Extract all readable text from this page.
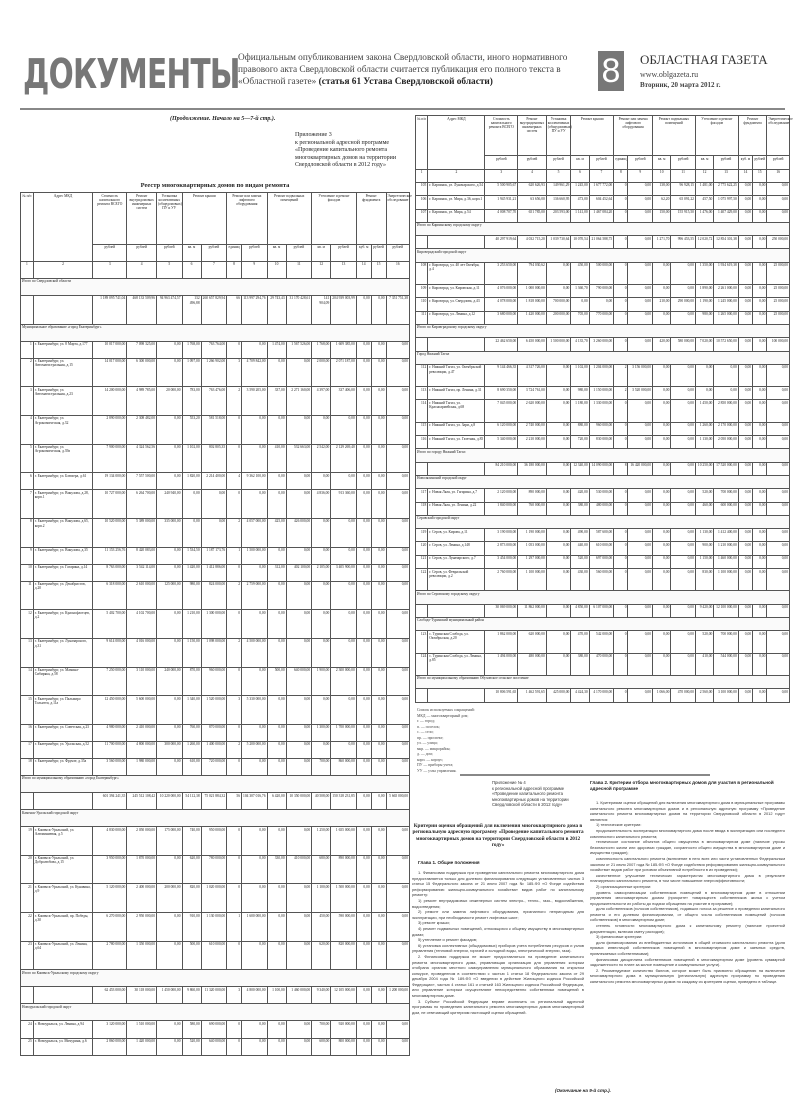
ДОКУМЕНТЫ
Официальным опубликованием закона Свердловской области, иного нормативного правового акта Свердловской области считается публикация его полного текста в «Областной газете» (статья 61 Устава Свердловской области)	8 ОБЛАСТНАЯ ГАЗЕТА
www.oblgazeta.ru
Вторник, 20 марта 2012 г.
(Продолжение. Начало на 5—7-й стр.).
Приложение 3
к региональной адресной программе «Проведение капитального ремонта многоквартирных домов на территории Свердловской области в 2012 году»
Реестр многоквартирных домов по видам ремонта
№ п/п	Адрес МКД	Стоимость капитального ремонта ВСЕГО	Ремонт внутридомовых инженерных систем	Установка коллективных (общедомовых) ПУ и УУ	Ремонт крыши		Ремонт или замена лифтового оборудования		Ремонт подвальных помещений		Утепление и ремонт фасадов		Ремонт фундамента		Энергетическое обследование
		рублей	рублей	рублей	кв. м	рублей	единиц	рублей	кв. м	рублей	кв. м	рублей	куб. м	рублей	рублей
1	2	3	4	5	6	7	8	9	10	11	12	13	14	15	16
Итого по Свердловской области															
		1 189 095 741,04	468 133 509,96	94 963 474,57	132 496,88	260 657 829,94	66	113 997 294,76	29 743,43	31 170 428,61	141 904,09	204 939 003,99	0,00	0,00	7 351 751,38
Муниципальное образование «город Екатеринбург»															
1	г. Екатеринбург, ул. 8 Марта, д.177	10 017 000,00	7 098 325,00	0,00	1 768,00	763 764,00	0	0,00	1 474,00	1 567 526,00	1 768,00	1 609 385,00	0,00	0,00	0,00
2	г. Екатеринбург, ул. Автомагистральная, д.15	14 017 000,00	6 300 000,00	0,00	1 097,00	1 266 902,00	3	4 709 842,00	0,00	0,00	2 000,00	2 071 187,00	0,00	0,00	0,00
3	г. Екатеринбург, ул. Автомагистральная, д.23	14 200 000,00	4 989 785,00	20 000,00	783,00	763 476,00	2	3 590 205,00	337,00	2 271 160,00	4 397,00	337 406,00	0,00	0,00	0,00
4	г. Екатеринбург, ул. Агрономическая, д.32	2 890 000,00	2 308 482,00	0,00	553,20	581 518,00	0	0,00	0,00	0,00	0,00	0,00	0,00	0,00	0,00
5	г. Екатеринбург, ул. Агрономическая, д.39а	7 900 000,00	4 324 562,56	0,00	1 102,00	802 805,35	0	0,00	410,00	532 663,00	2 542,00	2 129 269,40	0,00	0,00	0,00
6	г. Екатеринбург, ул. Блюхера, д.61	19 134 000,00	7 557 500,00	0,00	1 820,00	2 214 400,00	4	9 362 100,00	0,00	0,00	0,00	0,00	0,00	0,00	0,00
7	г. Екатеринбург, ул. Викулова, д.28, корп.1	10 727 000,00	6 264 700,00	240 940,00	0,00	0,00	0	0,00	0,00	0,00	4 836,00	913 360,00	0,00	0,00	0,00
8	г. Екатеринбург, ул. Викулова, д.65, корп.2	10 520 000,00	5 389 000,00	335 000,00	0,00	0,00	2	4 057 000,00	425,00	426 000,00	0,00	0,00	0,00	0,00	0,00
9	г. Екатеринбург, ул. Викулова, д.35	11 153 256,76	8 420 083,00	0,00	1 534,50	1 187 173,76	1	1 500 000,00	0,00	0,00	0,00	0,00	0,00	0,00	0,00
10	г. Екатеринбург, ул. Гагарина, д.14	8 763 000,00	3 542 114,00	0,00	1 420,00	1 412 886,00	0	0,00	312,00	402 100,00	2 105,00	3 405 900,00	0,00	0,00	0,00
11	г. Екатеринбург, ул. Декабристов, д.20	6 318 000,00	2 610 000,00	125 000,00	980,00	824 000,00	2	2 759 000,00	0,00	0,00	0,00	0,00	0,00	0,00	0,00
12	г. Екатеринбург, ул. Краснофлотцев, д.2	5 402 700,00	4 102 700,00	0,00	1 210,00	1 300 000,00	0	0,00	0,00	0,00	0,00	0,00	0,00	0,00	0,00
13	г. Екатеринбург, ул. Луначарского, д.31	9 614 000,00	4 016 000,00	0,00	1 150,00	1 098 000,00	2	4 500 000,00	0,00	0,00	0,00	0,00	0,00	0,00	0,00
14	г. Екатеринбург, ул. Мамина-Сибиряка, д.58	7 250 000,00	3 110 000,00	240 000,00	870,00	960 000,00	0	0,00	500,00	640 000,00	1 900,00	2 300 000,00	0,00	0,00	0,00
15	г. Екатеринбург, ул. Пальмиро Тольятти, д.11а	12 450 000,00	5 600 000,00	0,00	1 340,00	1 520 000,00	3	5 330 000,00	0,00	0,00	0,00	0,00	0,00	0,00	0,00
16	г. Екатеринбург, ул. Советская, д.23	4 980 000,00	2 410 000,00	0,00	760,00	870 000,00	0	0,00	0,00	0,00	1 300,00	1 700 000,00	0,00	0,00	0,00
17	г. Екатеринбург, ул. Уральская, д.52	11 700 000,00	4 800 000,00	300 000,00	1 260,00	1 400 000,00	2	5 200 000,00	0,00	0,00	0,00	0,00	0,00	0,00	0,00
18	г. Екатеринбург, ул. Фрунзе, д.35а	3 560 000,00	1 980 000,00	0,00	610,00	720 000,00	0	0,00	0,00	0,00	700,00	860 000,00	0,00	0,00	0,00
Итого по муниципальному образованию «город Екатеринбург»															
		601 394 241,35	245 512 108,42	10 220 000,00	54 112,38	75 021 884,32	56	104 307 016,76	6 420,00	10 350 000,00	40 508,00	150 318 231,85	0,00	0,00	5 665 000,00
Каменск-Уральский городской округ															
19	г. Каменск-Уральский, ул. Алюминиевая, д.5	4 830 000,00	2 050 000,00	175 000,00	740,00	950 000,00	0	0,00	0,00	0,00	1 250,00	1 655 000,00	0,00	0,00	0,00
20	г. Каменск-Уральский, ул. Добролюбова, д.15	3 950 000,00	1 870 000,00	0,00	620,00	780 000,00	0	0,00	330,00	410 000,00	680,00	890 000,00	0,00	0,00	0,00
21	г. Каменск-Уральский, ул. Кунавина, д.9	5 120 000,00	2 400 000,00	200 000,00	820,00	1 020 000,00	0	0,00	0,00	0,00	1 100,00	1 500 000,00	0,00	0,00	0,00
22	г. Каменск-Уральский, пр. Победы, д.30	6 270 000,00	2 950 000,00	0,00	910,00	1 130 000,00	1	1 600 000,00	0,00	0,00	450,00	590 000,00	0,00	0,00	0,00
23	г. Каменск-Уральский, ул. Ленина, д.64	2 780 000,00	1 350 000,00	0,00	500,00	610 000,00	0	0,00	0,00	0,00	620,00	820 000,00	0,00	0,00	0,00
Итого по Каменск-Уральскому городскому округу															
		62 453 000,00	30 118 000,00	1 450 000,00	9 860,00	11 320 000,00	3	4 800 000,00	1 100,00	1 460 000,00	9 340,00	12 105 000,00	0,00	0,00	1 200 000,00
Новоуральский городской округ															
24	г. Новоуральск, ул. Ленина, д.94	3 120 000,00	1 510 000,00	0,00	580,00	690 000,00	0	0,00	0,00	0,00	700,00	920 000,00	0,00	0,00	0,00
25	г. Новоуральск, ул. Мичурина, д.6	2 860 000,00	1 420 000,00	0,00	520,00	640 000,00	0	0,00	0,00	0,00	600,00	800 000,00	0,00	0,00	0,00
№ п/п	Адрес МКД	Стоимость капитального ремонта ВСЕГО	Ремонт внутридомовых инженерных систем	Установка коллективных (общедомовых) ПУ и УУ	Ремонт крыши		Ремонт или замена лифтового оборудования		Ремонт подвальных помещений		Утепление и ремонт фасадов		Ремонт фундамента		Энергетическое обследование
		рублей	рублей	рублей	кв. м	рублей	единиц	рублей	кв. м	рублей	кв. м	рублей	куб. м	рублей	рублей
1	2	3	4	5	6	7	8	9	10	11	12	13	14	15	16
105	г. Карпинск, ул. Луначарского, д.54	5 500 905,67	620 626,93	149 961,29	1 245,00	1 677 772,00	0	0,00	138,00	96 928,15	1 481,00	2 775 622,25	0,00	0,00	0,00
106	г. Карпинск, ул. Мира, д.36, корп.1	1 945 931,21	63 656,00	136 660,95	473,00	604 452,64	0	0,00	62,20	65 091,22	457,50	1 075 997,50	0,00	0,00	0,00
107	г. Карпинск, ул. Мира, д.54	4 008 707,70	651 785,00	203 593,00	1 141,00	1 467 084,20	0	0,00	150,00	155 915,50	1 476,00	1 407 429,00	0,00	0,00	0,00
Итого по Карпинскому городскому округу															
		40 297 919,64	4 032 715,20	1 039 730,64	10 070,54	21 064 588,75	0	0,00	1 271,70	996 453,55	12 020,72	12 854 301,38	0,00	0,00	250 000,00
Кировградский городской округ															
108	г. Кировград, ул. 40 лет Октября, д.4	3 253 650,00	794 030,62	0,00	450,00	500 000,00	0	0,00	0,00	0,00	1 350,00	1 934 619,38	0,00	0,00	25 000,00
109	г. Кировград, ул. Кировская, д.11	4 076 000,00	1 000 000,00	0,00	1 360,70	790 000,00	0	0,00	0,00	0,00	1 890,00	2 261 000,00	0,00	0,00	25 000,00
110	г. Кировград, ул. Свердлова, д.43	4 078 000,00	1 818 000,00	700 000,00	0,00	0,00	0	0,00	210,00	290 000,00	1 190,00	1 245 000,00	0,00	0,00	25 000,00
111	г. Кировград, ул. Ленина, д.12	3 680 000,00	1 420 000,00	200 000,00	705,00	770 000,00	0	0,00	0,00	0,00	980,00	1 265 000,00	0,00	0,00	25 000,00
Итого по Кировградскому городскому округу															
		22 462 650,00	6 450 000,00	1 500 000,00	4 135,70	3 260 000,00	0	0,00	420,00	580 000,00	7 020,00	10 572 650,00	0,00	0,00	100 000,00
Город Нижний Тагил															
112	г. Нижний Тагил, ул. Октябрьской революции, д.47	9 144 466,35	4 317 726,00	0,00	1 102,00	1 204 000,00	2	3 156 000,00	0,00	0,00	0,00	0,00	0,00	0,00	0,00
113	г. Нижний Тагил, пр. Ленина, д.31	8 690 350,00	3 724 761,00	0,00	980,00	1 150 000,00	2	3 520 000,00	0,00	0,00	0,00	0,00	0,00	0,00	0,00
114	г. Нижний Тагил, ул. Красноармейская, д.68	7 045 000,00	2 620 000,00	0,00	1 180,00	1 330 000,00	0	0,00	0,00	0,00	1 450,00	2 850 000,00	0,00	0,00	0,00
115	г. Нижний Тагил, ул. Зари, д.8	6 120 000,00	2 740 000,00	0,00	880,00	960 000,00	0	0,00	0,00	0,00	1 260,00	2 170 000,00	0,00	0,00	0,00
116	г. Нижний Тагил, ул. Газетная, д.85	5 340 000,00	2 210 000,00	0,00	720,00	830 000,00	0	0,00	0,00	0,00	1 130,00	2 050 000,00	0,00	0,00	0,00
Итого по городу Нижний Тагил															
		84 210 000,00	36 180 000,00	0,00	12 340,00	14 090 000,00	8	16 420 000,00	0,00	0,00	10 250,00	17 520 000,00	0,00	0,00	0,00
Новолялинский городской округ															
117	г. Новая Ляля, ул. Гагарина, д.7	2 120 000,00	890 000,00	0,00	420,00	530 000,00	0	0,00	0,00	0,00	520,00	700 000,00	0,00	0,00	0,00
118	г. Новая Ляля, ул. Ленина, д.22	1 840 000,00	760 000,00	0,00	380,00	480 000,00	0	0,00	0,00	0,00	460,00	600 000,00	0,00	0,00	0,00
Серовский городской округ															
119	г. Серов, ул. Кирова, д.11	3 190 000,00	1 190 000,00	0,00	490,00	587 600,00	0	0,00	0,00	0,00	1 130,00	1 412 400,00	0,00	0,00	0,00
120	г. Серов, ул. Ленина, д.148	2 873 000,00	1 053 000,00	0,00	440,00	610 000,00	0	0,00	0,00	0,00	900,00	1 210 000,00	0,00	0,00	0,00
121	г. Серов, ул. Луначарского, д.7	3 454 000,00	1 297 000,00	0,00	520,00	697 000,00	0	0,00	0,00	0,00	1 150,00	1 460 000,00	0,00	0,00	0,00
122	г. Серов, ул. Февральской революции, д.2	2 760 000,00	1 100 000,00	0,00	430,00	560 000,00	0	0,00	0,00	0,00	830,00	1 100 000,00	0,00	0,00	0,00
Итого по Серовскому городскому округу															
		30 069 000,00	11 862 000,00	0,00	4 850,00	6 107 000,00	0	0,00	0,00	0,00	9 420,00	12 100 000,00	0,00	0,00	0,00
Слободо-Туринский муниципальный район															
123	с. Туринская Слобода, ул. Октябрьская, д.20	1 862 000,00	620 000,00	0,00	470,00	542 000,00	0	0,00	0,00	0,00	520,00	700 000,00	0,00	0,00	0,00
124	с. Туринская Слобода, ул. Ленина, д.85	1 494 000,00	480 000,00	0,00	380,00	470 000,00	0	0,00	0,00	0,00	410,00	544 000,00	0,00	0,00	0,00
Итого по муниципальному образованию Обуховское сельское поселение															
		10 806 591,65	1 462 591,65	425 000,00	4 424,30	4 170 000,00	0	0,00	1 066,00	470 000,00	2 560,00	3 100 000,00	0,00	0,00	0,00
Список используемых сокращений:
МКД — многоквартирный дом;
г. — город;
п. — поселок;
с. — село;
пр. — проспект;
ул. — улица;
мкр. — микрорайон;
д. — дом;
корп. — корпус;
ПУ — приборы учета;
УУ — узлы управления.
Приложение № 4
к региональной адресной программе «Проведение капитального ремонта многоквартирных домов на территории Свердловской области в 2012 году»
Критерии оценки обращений для включения многоквартирного дома в региональную адресную программу «Проведение капитального ремонта многоквартирных домов на территории Свердловской области в 2012 году»
Глава 1. Общие положения

1. Финансовая поддержка при проведении капитального ремонта многоквартирного дома предоставляется только для долевого финансирования следующих установленных частью 3 статьи 15 Федерального закона от 21 июля 2007 года № 185-ФЗ «О Фонде содействия реформированию жилищно-коммунального хозяйства» видов работ по капитальному ремонту:

1) ремонт внутридомовых инженерных систем электро-, тепло-, газо-, водоснабжения, водоотведения;

2) ремонт или замена лифтового оборудования, признанного непригодным для эксплуатации, при необходимости ремонт лифтовых шахт;

3) ремонт крыши;

4) ремонт подвальных помещений, относящихся к общему имуществу в многоквартирных домах;

5) утепление и ремонт фасадов;

6) установка коллективных (общедомовых) приборов учета потребления ресурсов и узлов управления (тепловой энергии, горячей и холодной воды, электрической энергии, газа).

2. Финансовая поддержка не может предоставляться на проведение капитального ремонта многоквартирного дома, управляющая организация для управления которым отобрана органом местного самоуправления муниципального образования на открытом конкурсе, проведенном в соответствии с частью 1 статьи 18 Федерального закона от 29 декабря 2004 года № 189-ФЗ «О введении в действие Жилищного кодекса Российской Федерации», частью 4 статьи 161 и статьей 163 Жилищного кодекса Российской Федерации, или управление которым осуществляют непосредственно собственники помещений в многоквартирном доме.

3. Субъект Российской Федерации вправе исключить из региональной адресной программы по проведению капитального ремонта многоквартирных домов многоквартирный дом, не отвечающий критериям настоящей оценки обращений.

Глава 2. Критерии отбора многоквартирных домов для участия в региональной адресной программе

1. Критериями оценки обращений для включения многоквартирного дома в муниципальные программы капитального ремонта многоквартирных домов и в региональную адресную программу «Проведение капитального ремонта многоквартирных домов на территории Свердловской области в 2012 году» являются:

1) технические критерии:

продолжительность эксплуатации многоквартирного дома после ввода в эксплуатацию или последнего комплексного капитального ремонта;

техническое состояние объектов общего имущества в многоквартирном доме (наличие угрозы безопасности жизни или здоровью граждан, сохранности общего имущества в многоквартирном доме и имущества граждан);

комплексность капитального ремонта (включение в него всех или части установленных Федеральным законом от 21 июля 2007 года № 185-ФЗ «О Фонде содействия реформированию жилищно-коммунального хозяйства» видов работ при условии объективной потребности в их проведении);

качественное улучшение технических характеристик многоквартирного дома в результате планируемого капитального ремонта, в том числе повышение энергоэффективности;

2) организационные критерии:

уровень самоорганизации собственников помещений в многоквартирном доме в отношении управления многоквартирным домом (приоритет товариществ собственников жилья с учетом продолжительности их работы до подачи обращения на участие в программе);

доля собственников (голосов собственников), подавших голоса за решение о проведении капитального ремонта и его долевом финансировании, от общего числа собственников помещений (голосов собственников) в многоквартирном доме;

степень готовности многоквартирного дома к капитальному ремонту (наличие проектной документации, включая смету расходов);

3) финансовые критерии:

доля финансирования из внебюджетных источников в общей стоимости капитального ремонта (доля прямых инвестиций собственников помещений в многоквартирном доме и заемных средств, привлекаемых собственниками);

финансовая дисциплина собственников помещений в многоквартирном доме (уровень суммарной задолженности по плате за жилое помещение и коммунальные услуги).

2. Рекомендуемое количество баллов, которое может быть присвоено обращению на включение многоквартирного дома в муниципальную (региональную) адресную программу по проведению капитального ремонта многоквартирных домов по каждому из критериев оценки, приведено в таблице.

(Окончание на 9-й стр.).
